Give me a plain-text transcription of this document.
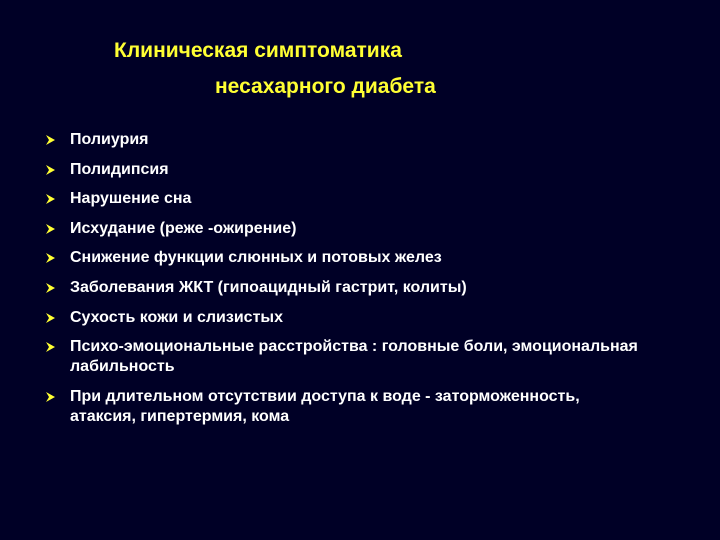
Клиническая симптоматика
несахарного диабета
Полиурия
Полидипсия
Нарушение сна
Исхудание (реже -ожирение)
Снижение функции слюнных и потовых желез
Заболевания ЖКТ (гипоацидный гастрит, колиты)
Сухость кожи и слизистых
Психо-эмоциональные расстройства : головные боли, эмоциональная лабильность
При длительном отсутствии доступа к воде - заторможенность, атаксия, гипертермия, кома
